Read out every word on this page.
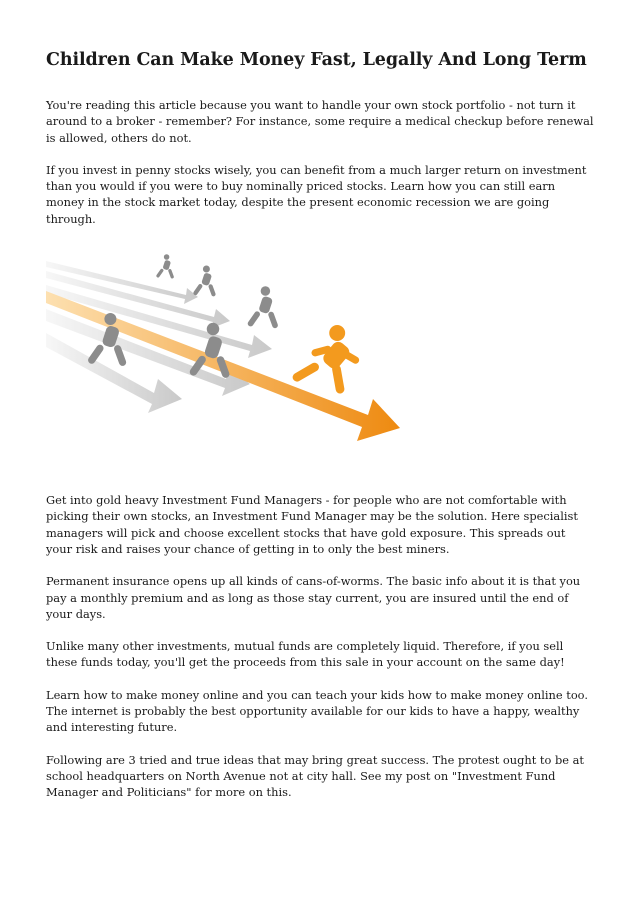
Children Can Make Money Fast, Legally And Long Term

You're reading this article because you want to handle your own stock portfolio - not turn it around to a broker - remember? For instance, some require a medical checkup before renewal is allowed, others do not.

If you invest in penny stocks wisely, you can benefit from a much larger return on investment than you would if you were to buy nominally priced stocks. Learn how you can still earn money in the stock market today, despite the present economic recession we are going through.

Get into gold heavy Investment Fund Managers - for people who are not comfortable with picking their own stocks, an Investment Fund Manager may be the solution. Here specialist managers will pick and choose excellent stocks that have gold exposure. This spreads out your risk and raises your chance of getting in to only the best miners.

Permanent insurance opens up all kinds of cans-of-worms. The basic info about it is that you pay a monthly premium and as long as those stay current, you are insured until the end of your days.

Unlike many other investments, mutual funds are completely liquid. Therefore, if you sell these funds today, you'll get the proceeds from this sale in your account on the same day!

Learn how to make money online and you can teach your kids how to make money online too. The internet is probably the best opportunity available for our kids to have a happy, wealthy and interesting future.

Following are 3 tried and true ideas that may bring great success. The protest ought to be at school headquarters on North Avenue not at city hall. See my post on "Investment Fund Manager and Politicians" for more on this.
